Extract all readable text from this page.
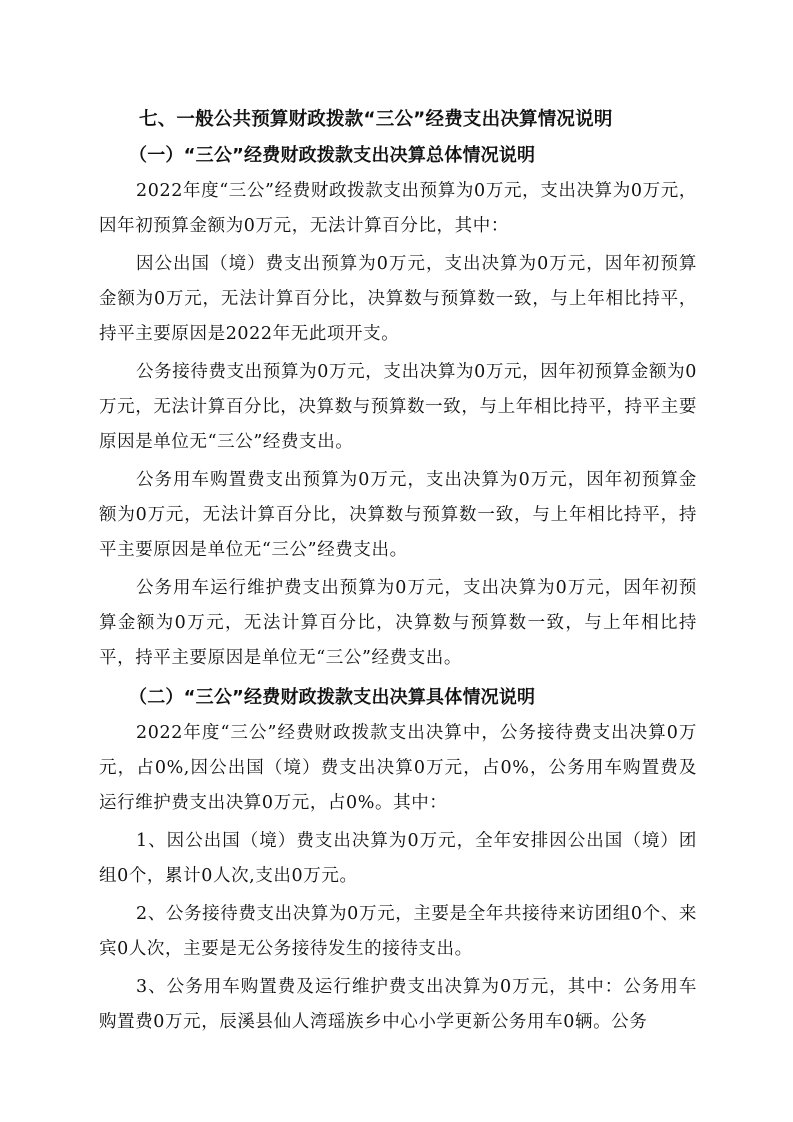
七、一般公共预算财政拨款“三公”经费支出决算情况说明
（一）“三公”经费财政拨款支出决算总体情况说明

2022年度“三公”经费财政拨款支出预算为0万元，支出决算为0万元，因年初预算金额为0万元，无法计算百分比，其中：

因公出国（境）费支出预算为0万元，支出决算为0万元，因年初预算金额为0万元，无法计算百分比，决算数与预算数一致，与上年相比持平，持平主要原因是2022年无此项开支。

公务接待费支出预算为0万元，支出决算为0万元，因年初预算金额为0万元，无法计算百分比，决算数与预算数一致，与上年相比持平，持平主要原因是单位无“三公”经费支出。

公务用车购置费支出预算为0万元，支出决算为0万元，因年初预算金额为0万元，无法计算百分比，决算数与预算数一致，与上年相比持平，持平主要原因是单位无“三公”经费支出。

公务用车运行维护费支出预算为0万元，支出决算为0万元，因年初预算金额为0万元，无法计算百分比，决算数与预算数一致，与上年相比持平，持平主要原因是单位无“三公”经费支出。

（二）“三公”经费财政拨款支出决算具体情况说明

2022年度“三公”经费财政拨款支出决算中，公务接待费支出决算0万元，占0%,因公出国（境）费支出决算0万元，占0%，公务用车购置费及运行维护费支出决算0万元，占0%。其中：

1、因公出国（境）费支出决算为0万元，全年安排因公出国（境）团组0个，累计0人次,支出0万元。

2、公务接待费支出决算为0万元，主要是全年共接待来访团组0个、来宾0人次，主要是无公务接待发生的接待支出。

3、公务用车购置费及运行维护费支出决算为0万元，其中：公务用车购置费0万元，辰溪县仙人湾瑶族乡中心小学更新公务用车0辆。公务
